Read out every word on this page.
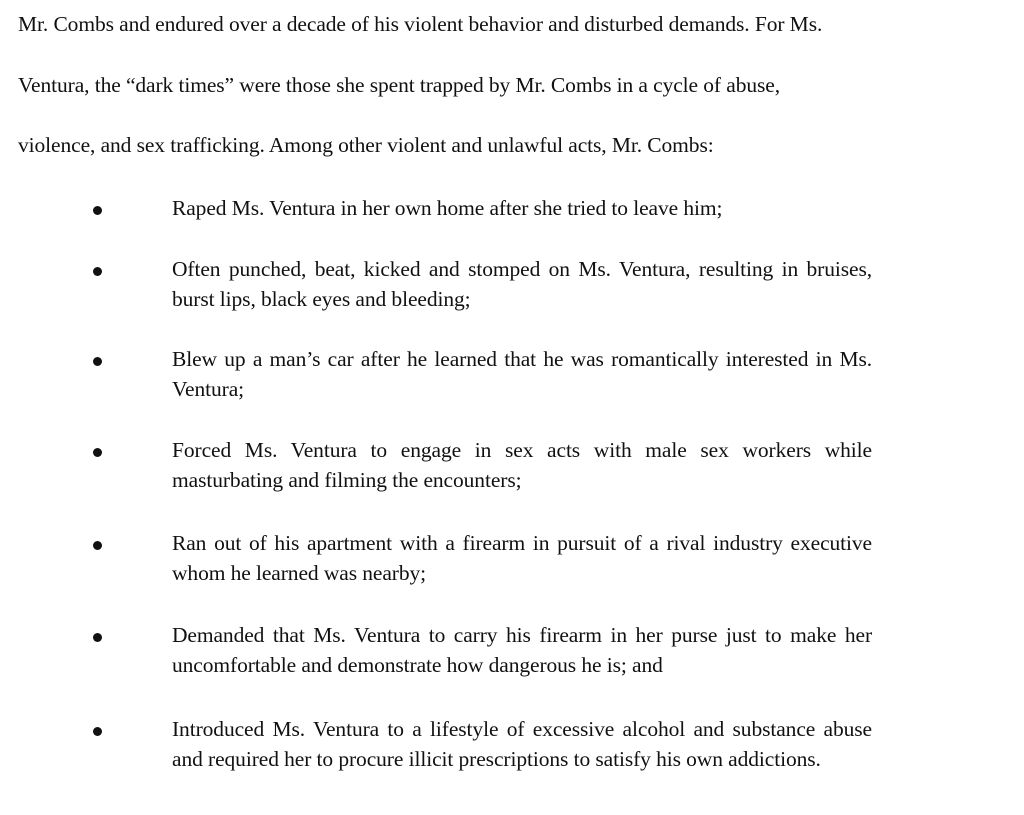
Mr. Combs and endured over a decade of his violent behavior and disturbed demands. For Ms.
Ventura, the “dark times” were those she spent trapped by Mr. Combs in a cycle of abuse,
violence, and sex trafficking. Among other violent and unlawful acts, Mr. Combs:
Raped Ms. Ventura in her own home after she tried to leave him;
Often punched, beat, kicked and stomped on Ms. Ventura, resulting in bruises, burst lips, black eyes and bleeding;
Blew up a man’s car after he learned that he was romantically interested in Ms. Ventura;
Forced Ms. Ventura to engage in sex acts with male sex workers while masturbating and filming the encounters;
Ran out of his apartment with a firearm in pursuit of a rival industry executive whom he learned was nearby;
Demanded that Ms. Ventura to carry his firearm in her purse just to make her uncomfortable and demonstrate how dangerous he is; and
Introduced Ms. Ventura to a lifestyle of excessive alcohol and substance abuse and required her to procure illicit prescriptions to satisfy his own addictions.
